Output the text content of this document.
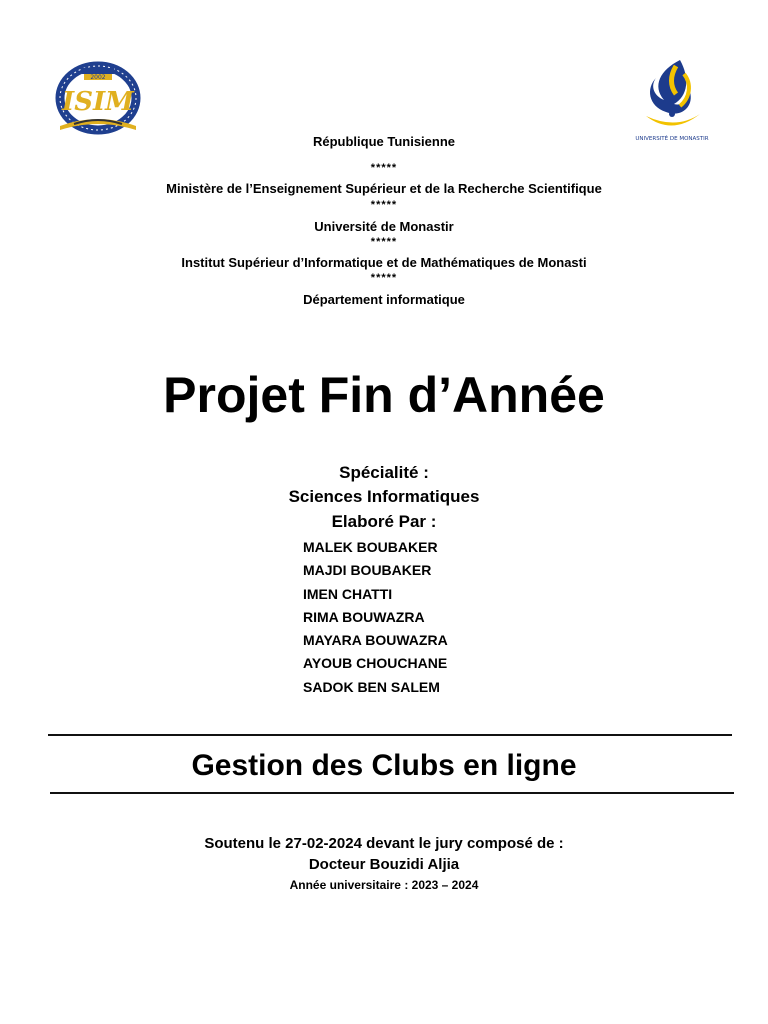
2002
ISIM
UNIVERSITÉ DE MONASTIR
République Tunisienne
*****
Ministère de l’Enseignement Supérieur et de la Recherche Scientifique
*****
Université de Monastir
*****
Institut Supérieur d’Informatique et de Mathématiques de Monasti
*****
Département informatique
Projet Fin d’Année
Spécialité :
Sciences Informatiques
Elaboré Par :
MALEK BOUBAKER
MAJDI BOUBAKER
IMEN CHATTI
RIMA BOUWAZRA
MAYARA BOUWAZRA
AYOUB CHOUCHANE
SADOK BEN SALEM
Gestion des Clubs en ligne
Soutenu le 27-02-2024 devant le jury composé de :
Docteur Bouzidi Aljia
Année universitaire : 2023 – 2024
